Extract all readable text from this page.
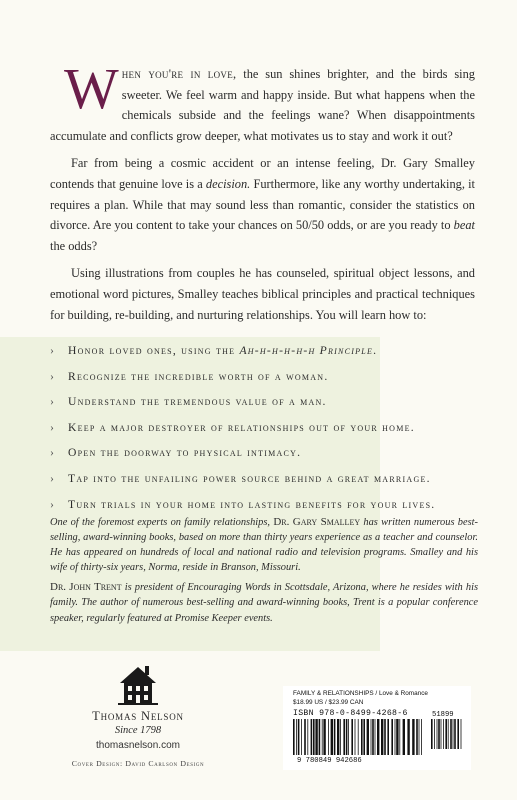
When you're in love, the sun shines brighter, and the birds sing sweeter. We feel warm and happy inside. But what happens when the chemicals subside and the feelings wane? When disappointments accumulate and conflicts grow deeper, what motivates us to stay and work it out?

Far from being a cosmic accident or an intense feeling, Dr. Gary Smalley contends that genuine love is a decision. Furthermore, like any worthy undertaking, it requires a plan. While that may sound less than romantic, consider the statistics on divorce. Are you content to take your chances on 50/50 odds, or are you ready to beat the odds?

Using illustrations from couples he has counseled, spiritual object lessons, and emotional word pictures, Smalley teaches biblical principles and practical techniques for building, re-building, and nurturing relationships. You will learn how to:

› Honor loved ones, using the Ah-h-h-h-h-h Principle.
› Recognize the incredible worth of a woman.
› Understand the tremendous value of a man.
› Keep a major destroyer of relationships out of your home.
› Open the doorway to physical intimacy.
› Tap into the unfailing power source behind a great marriage.
› Turn trials in your home into lasting benefits for your lives.

One of the foremost experts on family relationships, Dr. Gary Smalley has written numerous best-selling, award-winning books, based on more than thirty years experience as a teacher and counselor. He has appeared on hundreds of local and national radio and television programs. Smalley and his wife of thirty-six years, Norma, reside in Branson, Missouri.

Dr. John Trent is president of Encouraging Words in Scottsdale, Arizona, where he resides with his family. The author of numerous best-selling and award-winning books, Trent is a popular conference speaker, regularly featured at Promise Keeper events.

Thomas Nelson
Since 1798
thomasnelson.com
Cover Design: David Carlson Design
FAMILY & RELATIONSHIPS / Love & Romance
$18.99 US / $23.99 CAN
ISBN 978-0-8499-4268-6	51899
9 780849 942686
